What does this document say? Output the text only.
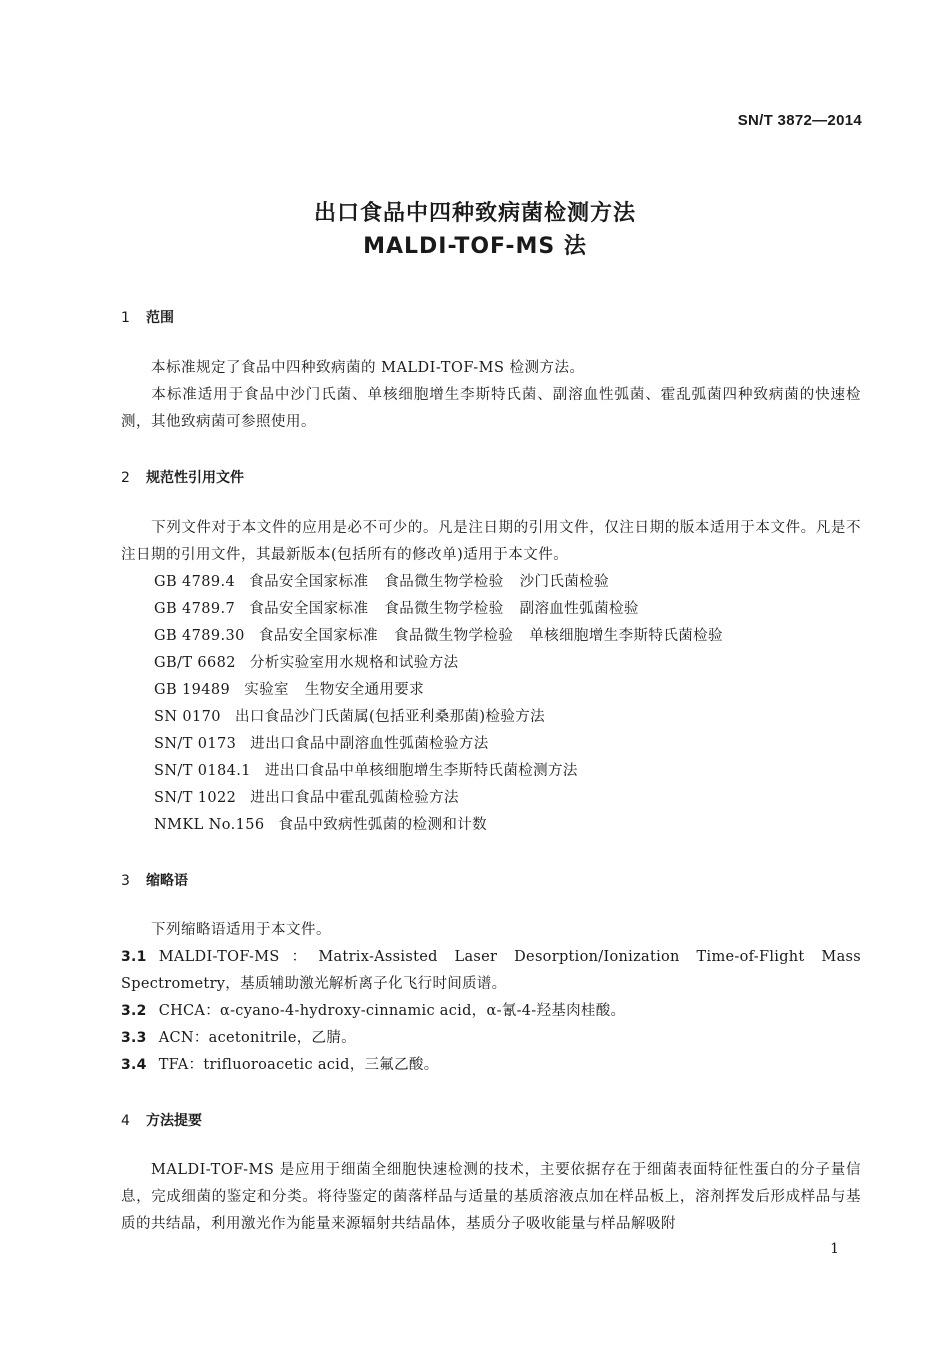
SN/T 3872—2014
出口食品中四种致病菌检测方法
MALDI-TOF-MS 法
1 范围
本标准规定了食品中四种致病菌的 MALDI-TOF-MS 检测方法。
本标准适用于食品中沙门氏菌、单核细胞增生李斯特氏菌、副溶血性弧菌、霍乱弧菌四种致病菌的快速检测，其他致病菌可参照使用。
2 规范性引用文件
下列文件对于本文件的应用是必不可少的。凡是注日期的引用文件，仅注日期的版本适用于本文件。凡是不注日期的引用文件，其最新版本(包括所有的修改单)适用于本文件。
GB 4789.4 食品安全国家标准 食品微生物学检验 沙门氏菌检验
GB 4789.7 食品安全国家标准 食品微生物学检验 副溶血性弧菌检验
GB 4789.30 食品安全国家标准 食品微生物学检验 单核细胞增生李斯特氏菌检验
GB/T 6682 分析实验室用水规格和试验方法
GB 19489 实验室 生物安全通用要求
SN 0170 出口食品沙门氏菌属(包括亚利桑那菌)检验方法
SN/T 0173 进出口食品中副溶血性弧菌检验方法
SN/T 0184.1 进出口食品中单核细胞增生李斯特氏菌检测方法
SN/T 1022 进出口食品中霍乱弧菌检验方法
NMKL No.156 食品中致病性弧菌的检测和计数
3 缩略语
下列缩略语适用于本文件。
3.1 MALDI-TOF-MS：Matrix-Assisted Laser Desorption/Ionization Time-of-Flight Mass Spectrometry，基质辅助激光解析离子化飞行时间质谱。
3.2 CHCA：α-cyano-4-hydroxy-cinnamic acid，α-氰-4-羟基肉桂酸。
3.3 ACN：acetonitrile，乙腈。
3.4 TFA：trifluoroacetic acid，三氟乙酸。
4 方法提要
MALDI-TOF-MS 是应用于细菌全细胞快速检测的技术，主要依据存在于细菌表面特征性蛋白的分子量信息，完成细菌的鉴定和分类。将待鉴定的菌落样品与适量的基质溶液点加在样品板上，溶剂挥发后形成样品与基质的共结晶，利用激光作为能量来源辐射共结晶体，基质分子吸收能量与样品解吸附
1
